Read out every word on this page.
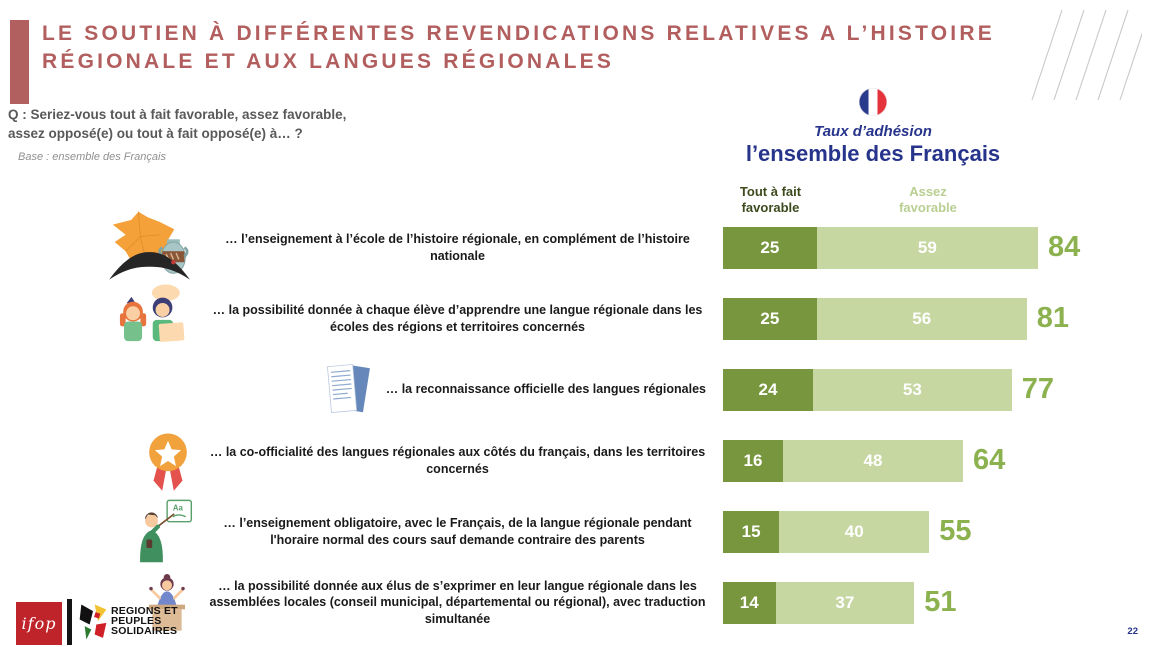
LE SOUTIEN À DIFFÉRENTES REVENDICATIONS RELATIVES A L’HISTOIRE
RÉGIONALE ET AUX LANGUES RÉGIONALES
Q : Seriez-vous tout à fait favorable, assez favorable,
assez opposé(e) ou tout à fait opposé(e) à… ?
Base : ensemble des Français
Taux d’adhésion
l’ensemble des Français
Tout à fait
favorable
Assez
favorable
… l’enseignement à l’école de l’histoire régionale, en complément de l’histoire nationale	25	59	84
… la possibilité donnée à chaque élève d’apprendre une langue régionale dans les écoles des régions et territoires concernés	25	56	81
… la reconnaissance officielle des langues régionales	24	53	77
… la co-officialité des langues régionales aux côtés du français, dans les territoires concernés	16	48	64
Aa
… l’enseignement obligatoire, avec le Français, de la langue régionale pendant l'horaire normal des cours sauf demande contraire des parents	15	40	55
… la possibilité donnée aux élus de s’exprimer en leur langue régionale dans les assemblées locales (conseil municipal, départemental ou régional), avec traduction simultanée
14	37 51
ifop
REGIONS ET
PEUPLES
SOLIDAIRES	22
